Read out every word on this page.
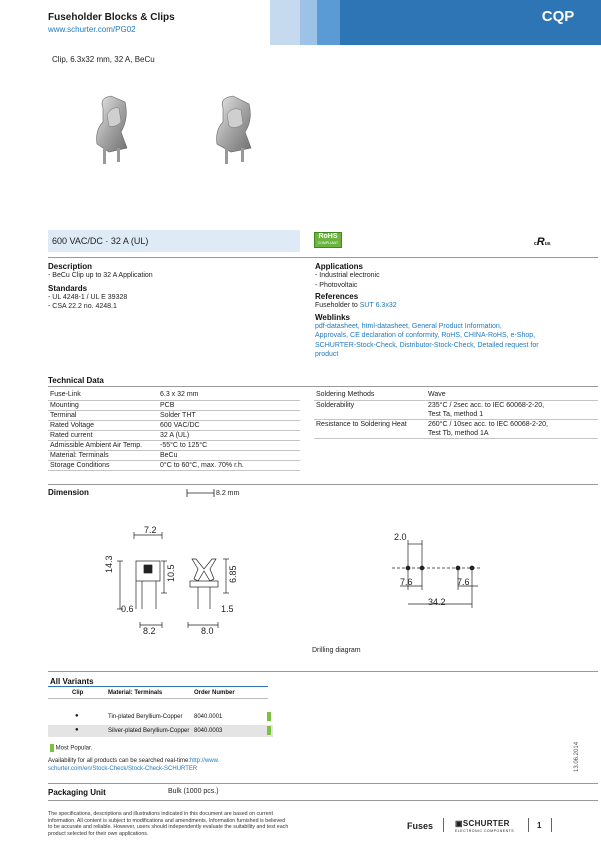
Fuseholder Blocks & Clips
www.schurter.com/PG02
CQP
Clip, 6.3x32 mm, 32 A, BeCu
600 VAC/DC · 32 A (UL)	RoHS
COMPLIANT	cRus
Description
- BeCu Clip up to 32 A Application
Standards
- UL 4248-1 / UL E 39328
- CSA 22.2 no. 4248.1
Applications
- Industrial electronic
- Photovoltaic
References
Fuseholder to SUT 6.3x32
Weblinks
pdf-datasheet, html-datasheet, General Product Information,
Approvals, CE declaration of conformity, RoHS, CHINA-RoHS, e-Shop,
SCHURTER-Stock-Check, Distributor-Stock-Check, Detailed request for
product
Technical Data
Fuse-Link	6.3 x 32 mm
Mounting	PCB
Terminal	Solder THT
Rated Voltage	600 VAC/DC
Rated current	32 A (UL)
Admissible Ambient Air Temp.	-55°C to 125°C
Material: Terminals	BeCu
Storage Conditions	0°C to 60°C, max. 70% r.h.
Soldering Methods	Wave

Solderability	235°C / 2sec acc. to IEC 60068-2-20,
Test Ta, method 1

Resistance to Soldering Heat	260°C / 10sec acc. to IEC 60068-2-20,
Test Tb, method 1A
Dimension	8.2 mm
7.2
14.3
10.5
0.6
8.2
6.85
1.5
8.0
2.0
7.6	7.6
34.2
Drilling diagram
All Variants
Clip	Material: Terminals	Order Number
●	Tin-plated Beryllium-Copper 8040.0001
●	Silver-plated Beryllium-Copper 8040.0003
Most Popular.
Availability for all products can be searched real-time:http://www.
schurter.com/en/Stock-Check/Stock-Check-SCHURTER
Packaging Unit	Bulk (1000 pcs.)
13.06.2014
The specifications, descriptions and illustrations indicated in this document are based on current
information. All content is subject to modifications and amendments. Information furnished is believed
to be accurate and reliable. However, users should independently evaluate the suitability and test each
product selected for their own applications.
Fuses	▣SCHURTER
ELECTRONIC COMPONENTS
1
